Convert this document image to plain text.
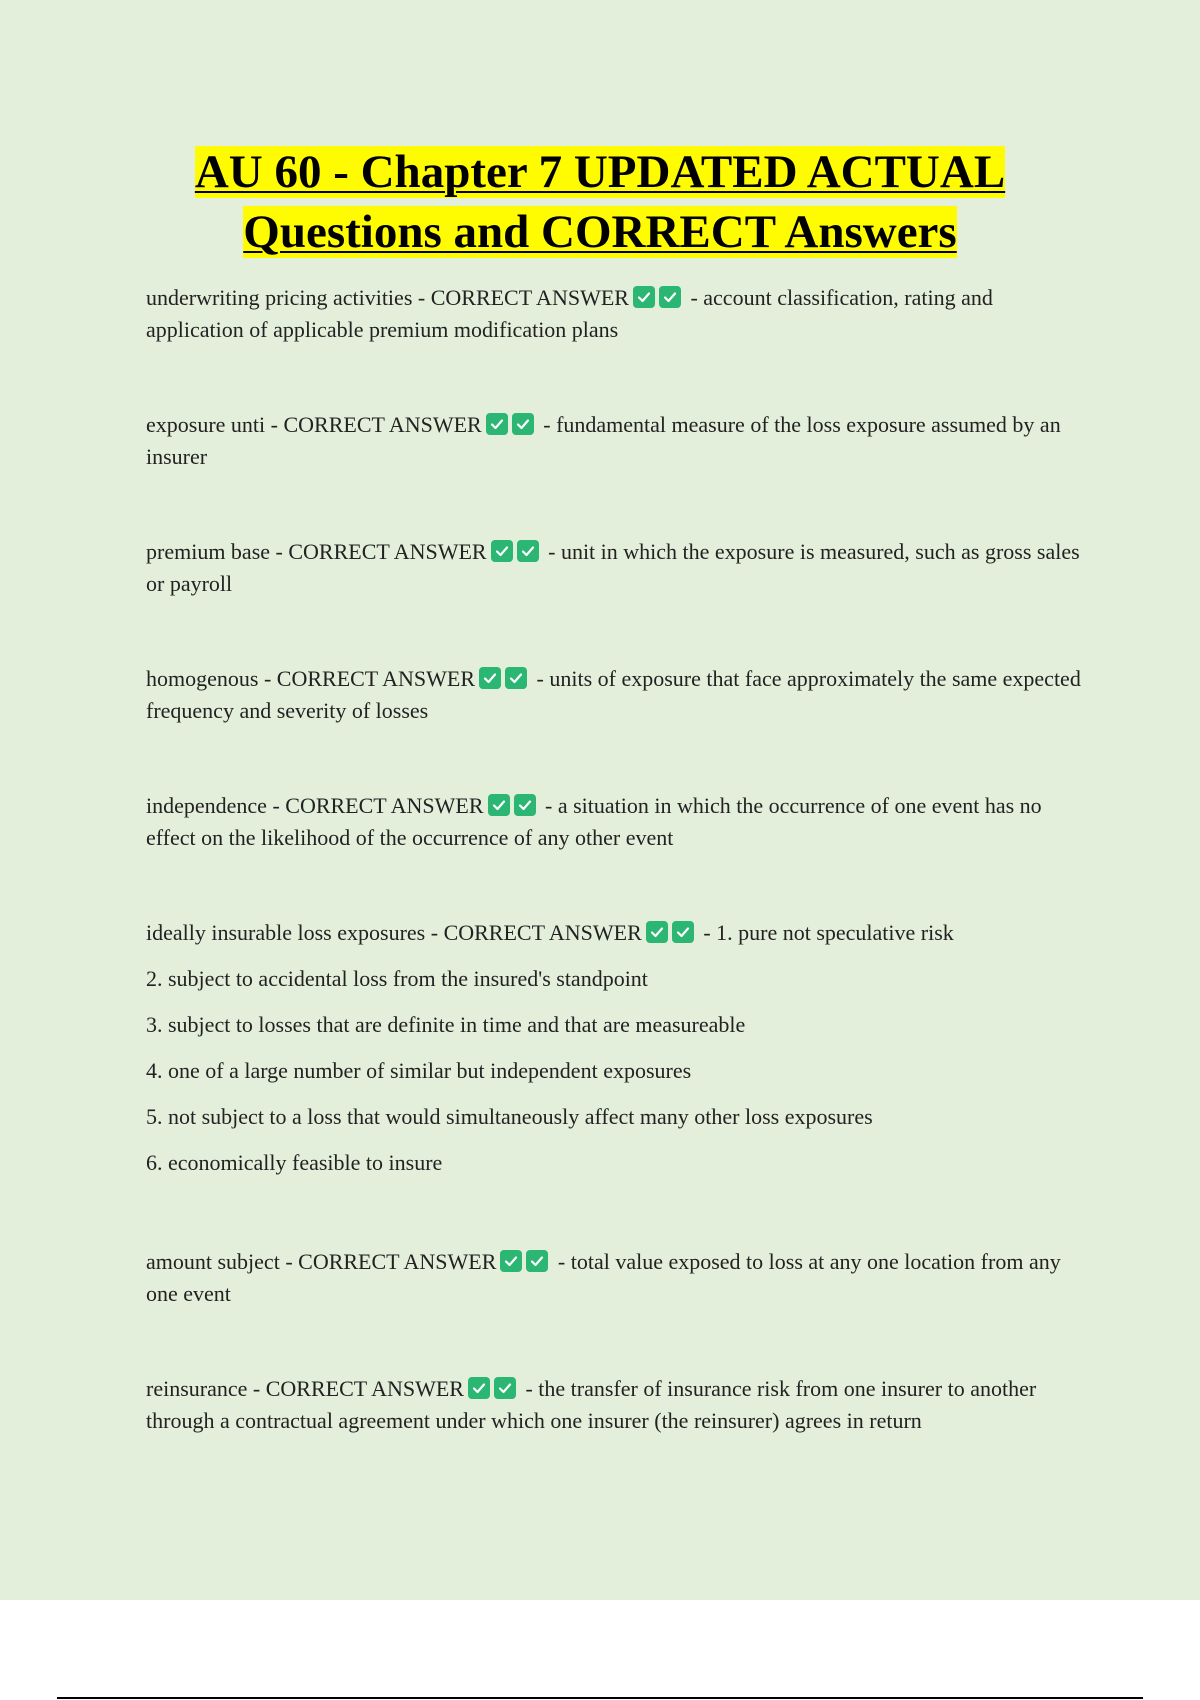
AU 60 - Chapter 7 UPDATED ACTUAL
Questions and CORRECT Answers
underwriting pricing activities - CORRECT ANSWER	- account classification, rating and application of applicable premium modification plans
exposure unti - CORRECT ANSWER	- fundamental measure of the loss exposure assumed by an insurer
premium base - CORRECT ANSWER	- unit in which the exposure is measured, such as gross sales or payroll
homogenous - CORRECT ANSWER	- units of exposure that face approximately the same expected frequency and severity of losses
independence - CORRECT ANSWER	- a situation in which the occurrence of one event has no effect on the likelihood of the occurrence of any other event
ideally insurable loss exposures - CORRECT ANSWER	- 1. pure not speculative risk
2. subject to accidental loss from the insured's standpoint
3. subject to losses that are definite in time and that are measureable
4. one of a large number of similar but independent exposures
5. not subject to a loss that would simultaneously affect many other loss exposures
6. economically feasible to insure
amount subject - CORRECT ANSWER	- total value exposed to loss at any one location from any one event
reinsurance - CORRECT ANSWER	- the transfer of insurance risk from one insurer to another through a contractual agreement under which one insurer (the reinsurer) agrees in return
